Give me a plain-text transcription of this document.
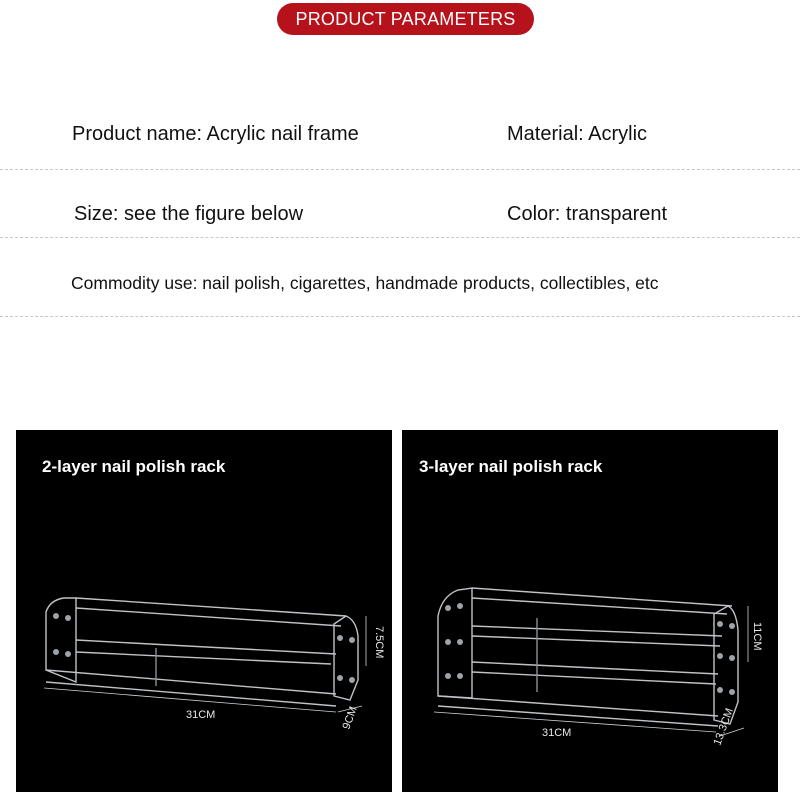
PRODUCT PARAMETERS
Product name: Acrylic nail frame	Material: Acrylic
Size: see the figure below	Color: transparent
Commodity use: nail polish, cigarettes, handmade products, collectibles, etc
2-layer nail polish rack
31CM
7.5CM
9CM
3-layer nail polish rack
31CM
11CM
13.3CM
